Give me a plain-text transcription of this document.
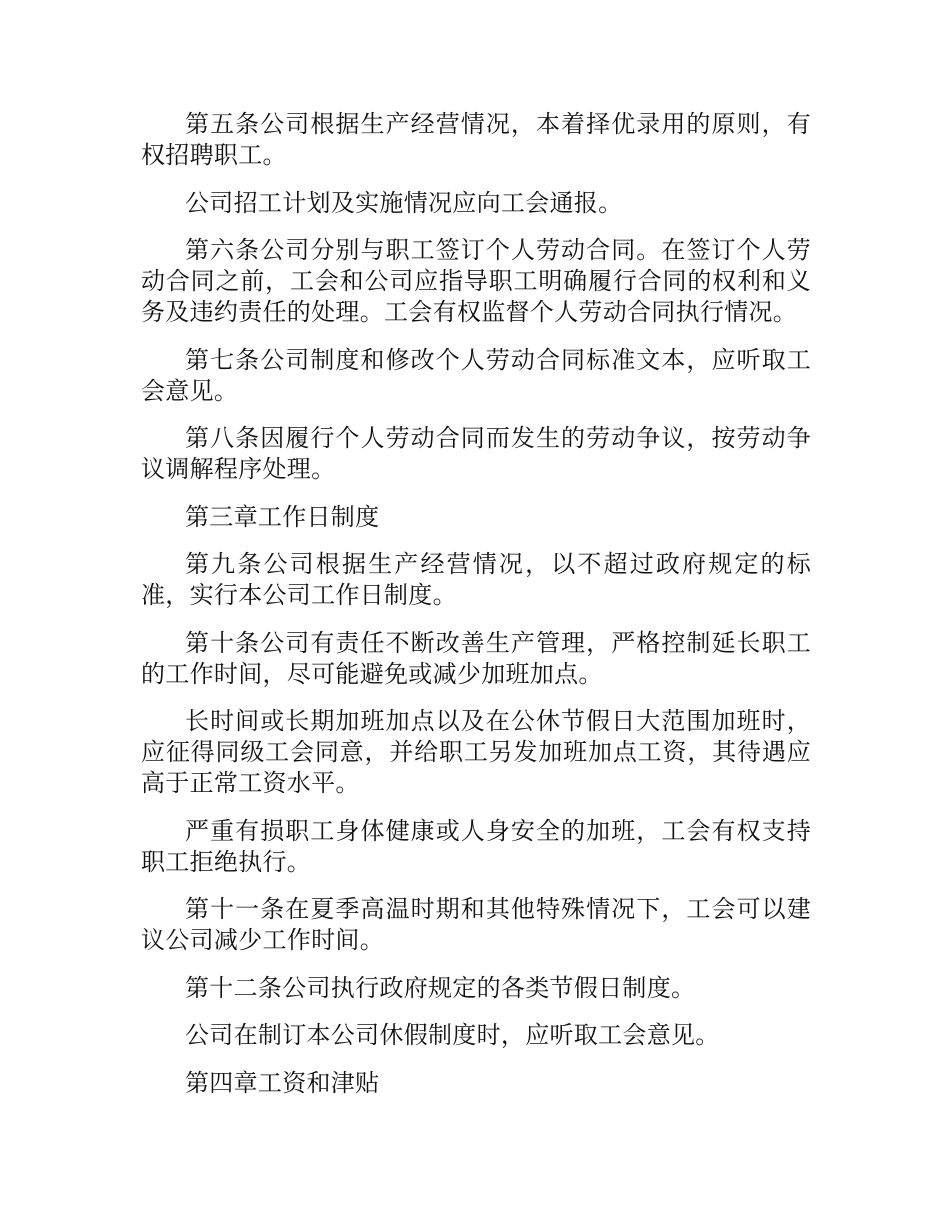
第五条公司根据生产经营情况，本着择优录用的原则，有权招聘职工。

公司招工计划及实施情况应向工会通报。

第六条公司分别与职工签订个人劳动合同。在签订个人劳动合同之前，工会和公司应指导职工明确履行合同的权利和义务及违约责任的处理。工会有权监督个人劳动合同执行情况。

第七条公司制度和修改个人劳动合同标准文本，应听取工会意见。

第八条因履行个人劳动合同而发生的劳动争议，按劳动争议调解程序处理。

第三章工作日制度

第九条公司根据生产经营情况，以不超过政府规定的标准，实行本公司工作日制度。

第十条公司有责任不断改善生产管理，严格控制延长职工的工作时间，尽可能避免或减少加班加点。

长时间或长期加班加点以及在公休节假日大范围加班时，应征得同级工会同意，并给职工另发加班加点工资，其待遇应高于正常工资水平。

严重有损职工身体健康或人身安全的加班，工会有权支持职工拒绝执行。

第十一条在夏季高温时期和其他特殊情况下，工会可以建议公司减少工作时间。

第十二条公司执行政府规定的各类节假日制度。

公司在制订本公司休假制度时，应听取工会意见。

第四章工资和津贴
